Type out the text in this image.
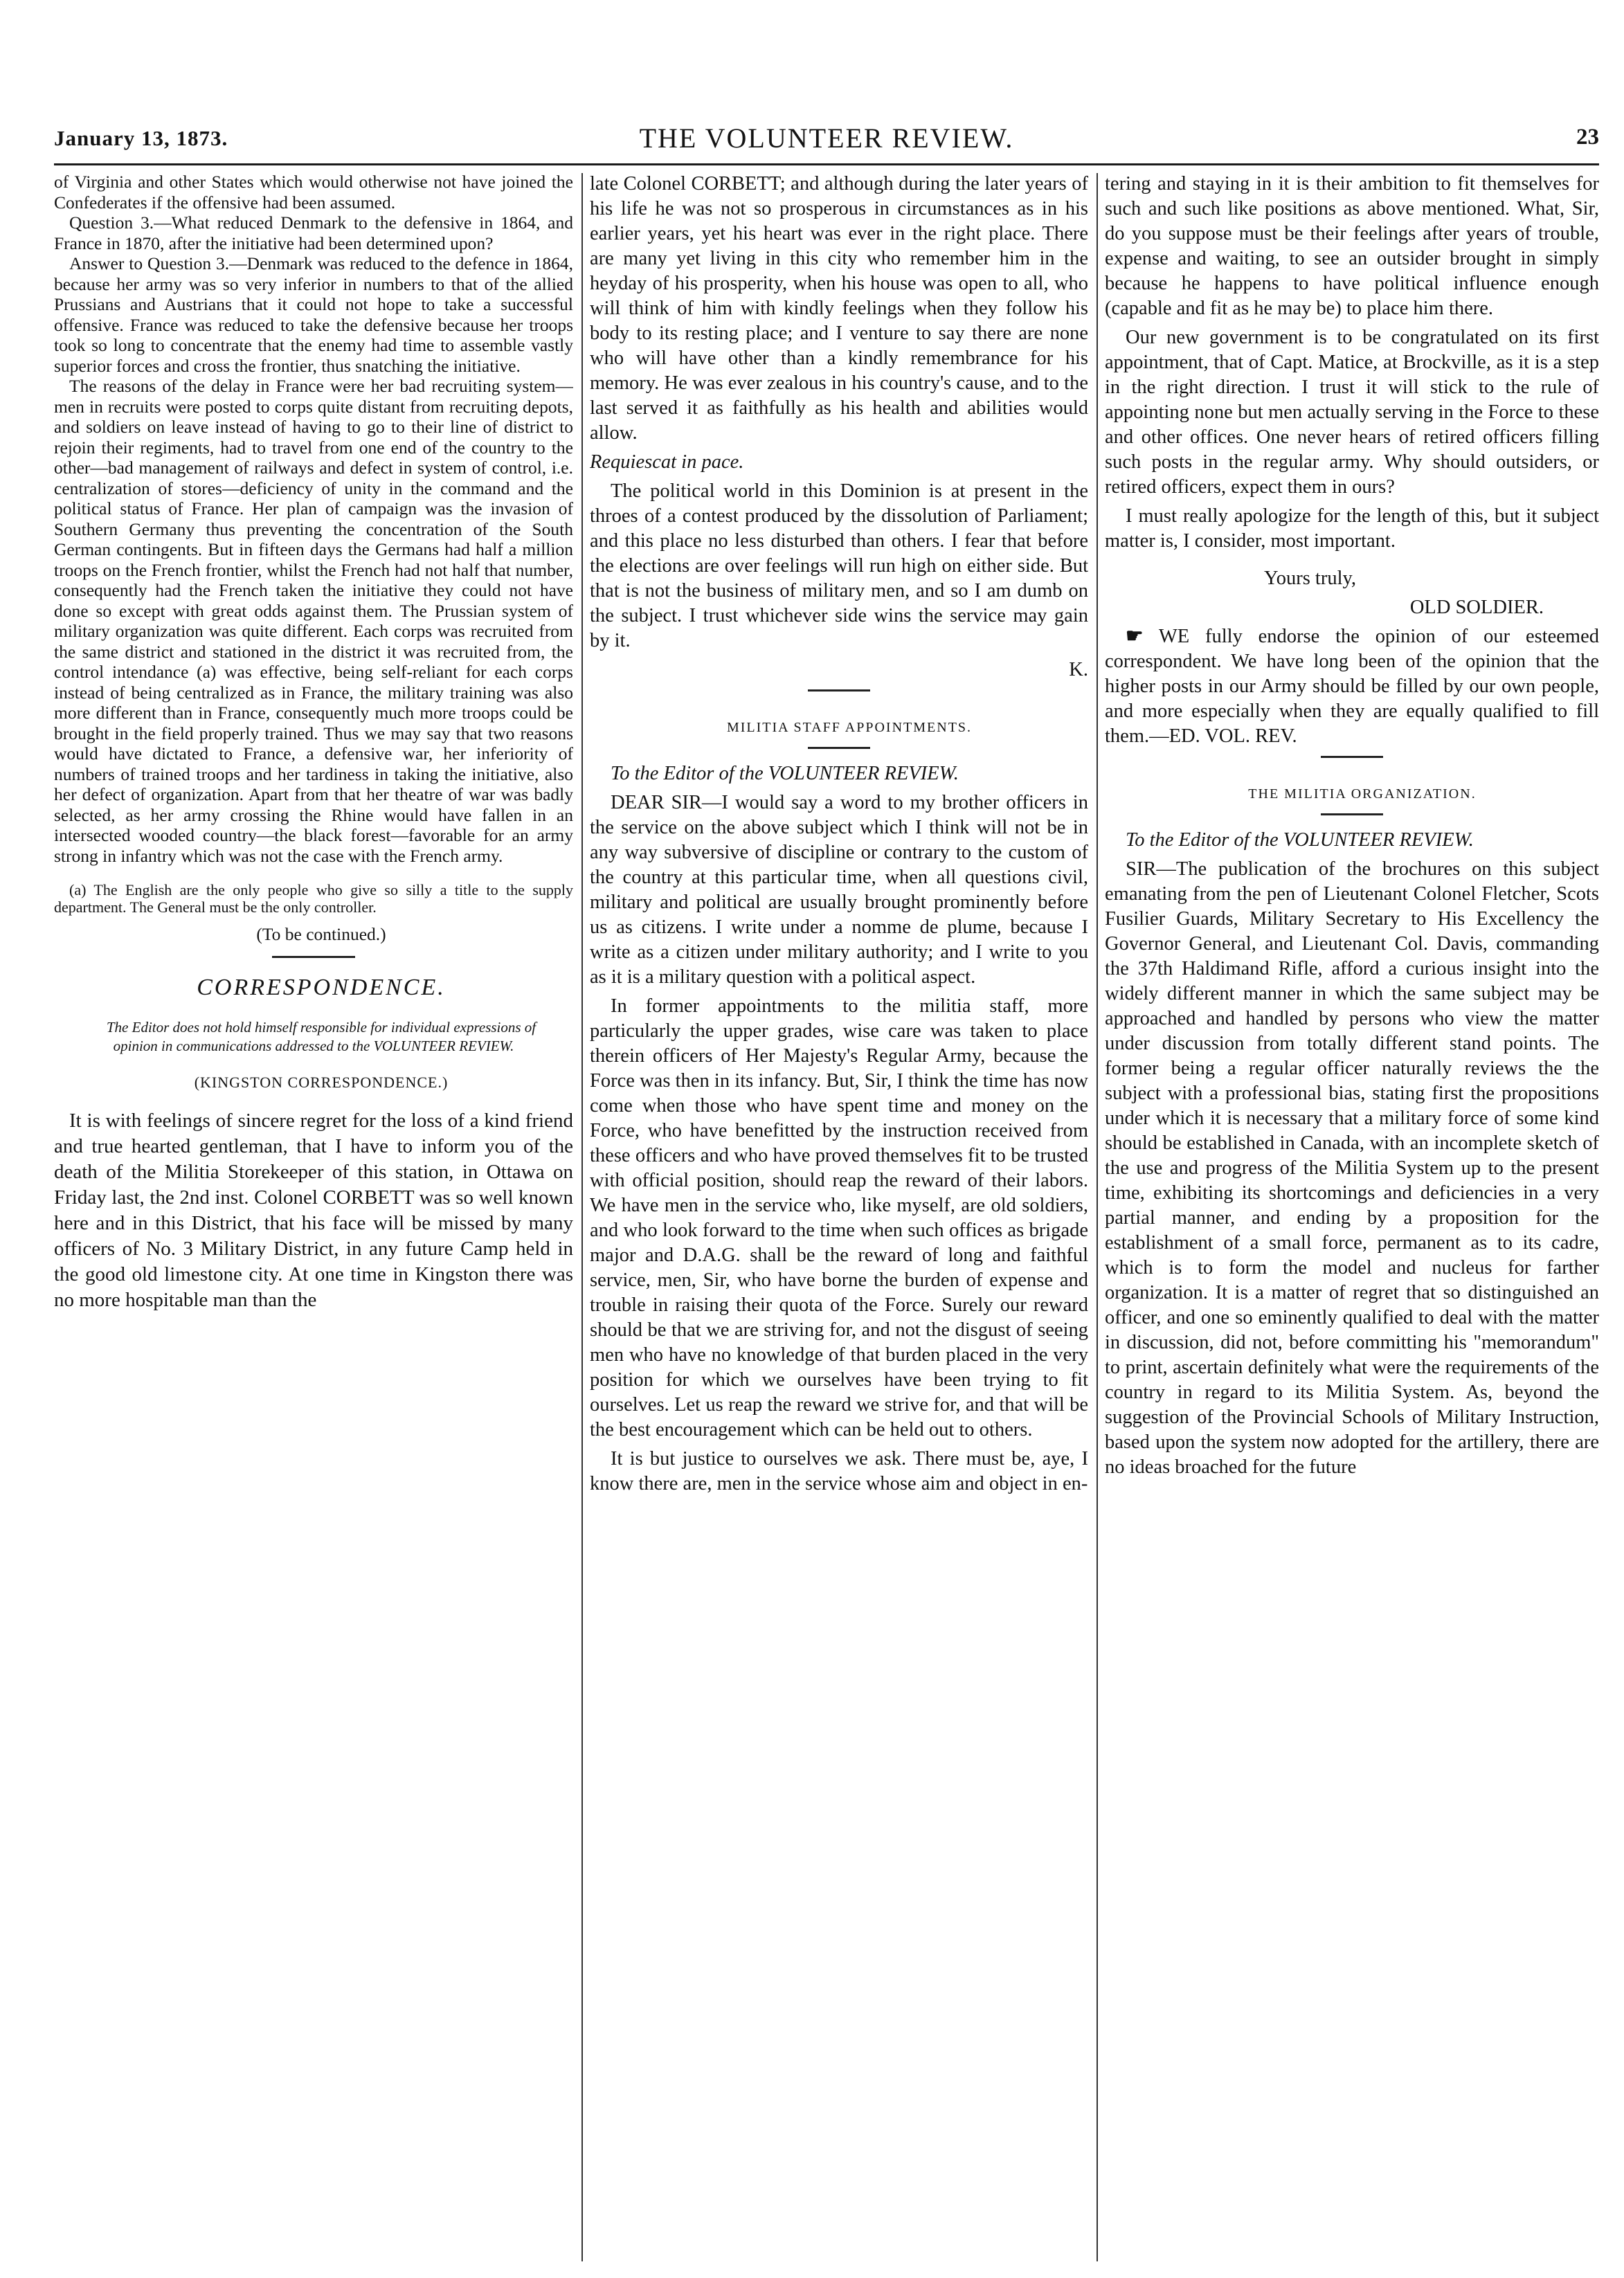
January 13, 1873.	THE VOLUNTEER REVIEW.	23

of Virginia and other States which would otherwise not have joined the Confederates if the offensive had been assumed.

Question 3.—What reduced Denmark to the defensive in 1864, and France in 1870, after the initiative had been determined upon?

Answer to Question 3.—Denmark was reduced to the defence in 1864, because her army was so very inferior in numbers to that of the allied Prussians and Austrians that it could not hope to take a successful offensive. France was reduced to take the defensive because her troops took so long to concentrate that the enemy had time to assemble vastly superior forces and cross the frontier, thus snatching the initiative.

The reasons of the delay in France were her bad recruiting system—men in recruits were posted to corps quite distant from recruiting depots, and soldiers on leave instead of having to go to their line of district to rejoin their regiments, had to travel from one end of the country to the other—bad management of railways and defect in system of control, i.e. centralization of stores—deficiency of unity in the command and the political status of France. Her plan of campaign was the invasion of Southern Germany thus preventing the concentration of the South German contingents. But in fifteen days the Germans had half a million troops on the French frontier, whilst the French had not half that number, consequently had the French taken the initiative they could not have done so except with great odds against them. The Prussian system of military organization was quite different. Each corps was recruited from the same district and stationed in the district it was recruited from, the control intendance (a) was effective, being self-reliant for each corps instead of being centralized as in France, the military training was also more different than in France, consequently much more troops could be brought in the field properly trained. Thus we may say that two reasons would have dictated to France, a defensive war, her inferiority of numbers of trained troops and her tardiness in taking the initiative, also her defect of organization. Apart from that her theatre of war was badly selected, as her army crossing the Rhine would have fallen in an intersected wooded country—the black forest—favorable for an army strong in infantry which was not the case with the French army.

(a) The English are the only people who give so silly a title to the supply department. The General must be the only controller.

(To be continued.)

CORRESPONDENCE.

The Editor does not hold himself responsible for individual expressions of opinion in communications addressed to the VOLUNTEER REVIEW.

(KINGSTON CORRESPONDENCE.)

It is with feelings of sincere regret for the loss of a kind friend and true hearted gentleman, that I have to inform you of the death of the Militia Storekeeper of this station, in Ottawa on Friday last, the 2nd inst. Colonel CORBETT was so well known here and in this District, that his face will be missed by many officers of No. 3 Military District, in any future Camp held in the good old limestone city. At one time in Kingston there was no more hospitable man than the

late Colonel CORBETT; and although during the later years of his life he was not so prosperous in circumstances as in his earlier years, yet his heart was ever in the right place. There are many yet living in this city who remember him in the heyday of his prosperity, when his house was open to all, who will think of him with kindly feelings when they follow his body to its resting place; and I venture to say there are none who will have other than a kindly remembrance for his memory. He was ever zealous in his country's cause, and to the last served it as faithfully as his health and abilities would allow.

Requiescat in pace.

The political world in this Dominion is at present in the throes of a contest produced by the dissolution of Parliament; and this place no less disturbed than others. I fear that before the elections are over feelings will run high on either side. But that is not the business of military men, and so I am dumb on the subject. I trust whichever side wins the service may gain by it.

K.

MILITIA STAFF APPOINTMENTS.

To the Editor of the VOLUNTEER REVIEW.

DEAR SIR—I would say a word to my brother officers in the service on the above subject which I think will not be in any way subversive of discipline or contrary to the custom of the country at this particular time, when all questions civil, military and political are usually brought prominently before us as citizens. I write under a nomme de plume, because I write as a citizen under military authority; and I write to you as it is a military question with a political aspect.

In former appointments to the militia staff, more particularly the upper grades, wise care was taken to place therein officers of Her Majesty's Regular Army, because the Force was then in its infancy. But, Sir, I think the time has now come when those who have spent time and money on the Force, who have benefitted by the instruction received from these officers and who have proved themselves fit to be trusted with official position, should reap the reward of their labors. We have men in the service who, like myself, are old soldiers, and who look forward to the time when such offices as brigade major and D.A.G. shall be the reward of long and faithful service, men, Sir, who have borne the burden of expense and trouble in raising their quota of the Force. Surely our reward should be that we are striving for, and not the disgust of seeing men who have no knowledge of that burden placed in the very position for which we ourselves have been trying to fit ourselves. Let us reap the reward we strive for, and that will be the best encouragement which can be held out to others.

It is but justice to ourselves we ask. There must be, aye, I know there are, men in the service whose aim and object in en-

tering and staying in it is their ambition to fit themselves for such and such like positions as above mentioned. What, Sir, do you suppose must be their feelings after years of trouble, expense and waiting, to see an outsider brought in simply because he happens to have political influence enough (capable and fit as he may be) to place him there.

Our new government is to be congratulated on its first appointment, that of Capt. Matice, at Brockville, as it is a step in the right direction. I trust it will stick to the rule of appointing none but men actually serving in the Force to these and other offices. One never hears of retired officers filling such posts in the regular army. Why should outsiders, or retired officers, expect them in ours?

I must really apologize for the length of this, but it subject matter is, I consider, most important.

Yours truly,

OLD SOLDIER.

☛ WE fully endorse the opinion of our esteemed correspondent. We have long been of the opinion that the higher posts in our Army should be filled by our own people, and more especially when they are equally qualified to fill them.—ED. VOL. REV.

THE MILITIA ORGANIZATION.

To the Editor of the VOLUNTEER REVIEW.

SIR—The publication of the brochures on this subject emanating from the pen of Lieutenant Colonel Fletcher, Scots Fusilier Guards, Military Secretary to His Excellency the Governor General, and Lieutenant Col. Davis, commanding the 37th Haldimand Rifle, afford a curious insight into the widely different manner in which the same subject may be approached and handled by persons who view the matter under discussion from totally different stand points. The former being a regular officer naturally reviews the the subject with a professional bias, stating first the propositions under which it is necessary that a military force of some kind should be established in Canada, with an incomplete sketch of the use and progress of the Militia System up to the present time, exhibiting its shortcomings and deficiencies in a very partial manner, and ending by a proposition for the establishment of a small force, permanent as to its cadre, which is to form the model and nucleus for farther organization. It is a matter of regret that so distinguished an officer, and one so eminently qualified to deal with the matter in discussion, did not, before committing his "memorandum" to print, ascertain definitely what were the requirements of the country in regard to its Militia System. As, beyond the suggestion of the Provincial Schools of Military Instruction, based upon the system now adopted for the artillery, there are no ideas broached for the future
